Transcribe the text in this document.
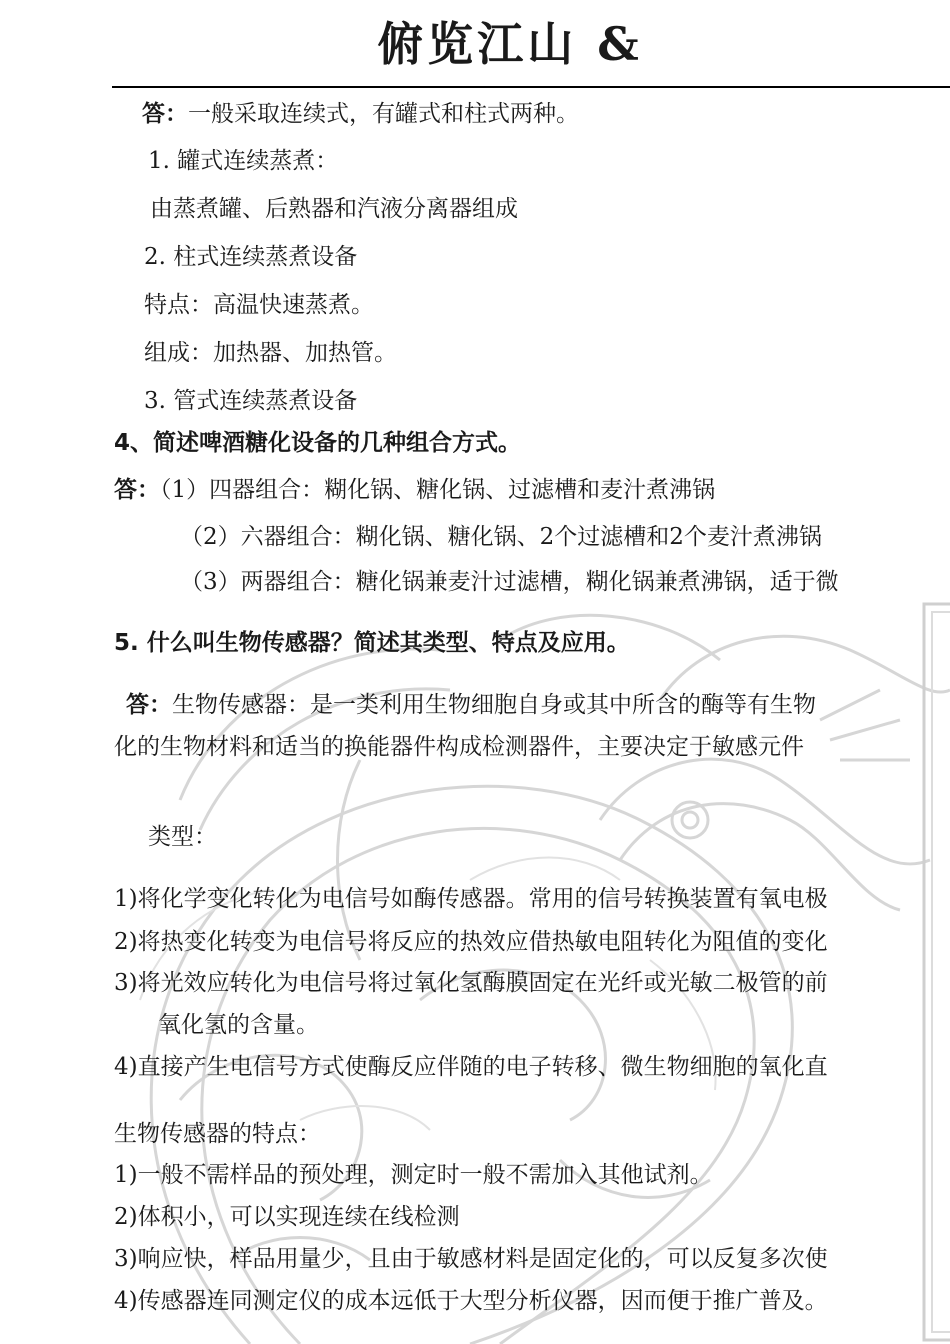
俯览江山 &
答：一般采取连续式，有罐式和柱式两种。
1. 罐式连续蒸煮：
由蒸煮罐、后熟器和汽液分离器组成
2. 柱式连续蒸煮设备
特点：高温快速蒸煮。
组成：加热器、加热管。
3. 管式连续蒸煮设备
4、简述啤酒糖化设备的几种组合方式。
答：（1）四器组合：糊化锅、糖化锅、过滤槽和麦汁煮沸锅
（2）六器组合：糊化锅、糖化锅、2个过滤槽和2个麦汁煮沸锅
（3）两器组合：糖化锅兼麦汁过滤槽，糊化锅兼煮沸锅，适于微
5. 什么叫生物传感器？简述其类型、特点及应用。
答：生物传感器：是一类利用生物细胞自身或其中所含的酶等有生物
化的生物材料和适当的换能器件构成检测器件，主要决定于敏感元件
类型：
1)将化学变化转化为电信号如酶传感器。常用的信号转换装置有氧电极
2)将热变化转变为电信号将反应的热效应借热敏电阻转化为阻值的变化
3)将光效应转化为电信号将过氧化氢酶膜固定在光纤或光敏二极管的前
氧化氢的含量。
4)直接产生电信号方式使酶反应伴随的电子转移、微生物细胞的氧化直
生物传感器的特点：
1)一般不需样品的预处理，测定时一般不需加入其他试剂。
2)体积小，可以实现连续在线检测
3)响应快，样品用量少，且由于敏感材料是固定化的，可以反复多次使
4)传感器连同测定仪的成本远低于大型分析仪器，因而便于推广普及。
